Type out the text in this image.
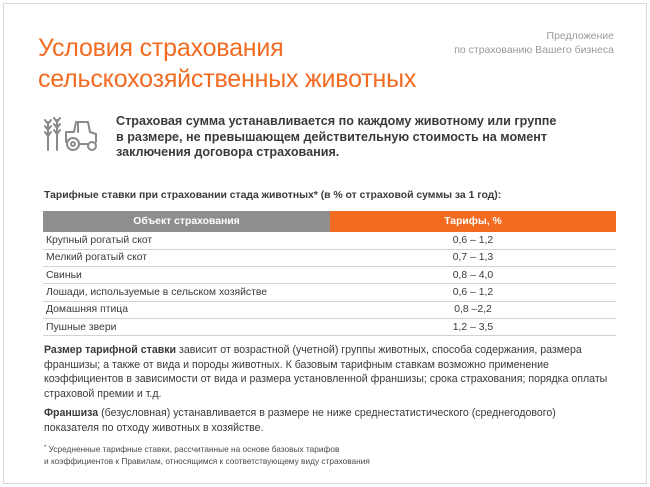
Условия страхования
сельскохозяйственных животных
Предложение
по страхованию Вашего бизнеса
Страховая сумма устанавливается по каждому животному или группе
в размере, не превышающем действительную стоимость на момент
заключения договора страхования.
Тарифные ставки при страховании стада животных* (в % от страховой суммы за 1 год):
Объект страхования	Тарифы, %
Крупный рогатый скот	0,6 – 1,2
Мелкий рогатый скот	0,7 – 1,3
Свиньи	0,8 – 4,0
Лошади, используемые в сельском хозяйстве	0,6 – 1,2
Домашняя птица	0,8 –2,2
Пушные звери	1,2 – 3,5
Размер тарифной ставки зависит от возрастной (учетной) группы животных, способа содержания, размера
франшизы; а также от вида и породы животных. К базовым тарифным ставкам возможно применение
коэффициентов в зависимости от вида и размера установленной франшизы; срока страхования; порядка оплаты
страховой премии и т.д.
Франшиза (безусловная) устанавливается в размере не ниже среднестатистического (среднегодового)
показателя по отходу животных в хозяйстве.
* Усредненные тарифные ставки, рассчитанные на основе базовых тарифов
и коэффициентов к Правилам, относящимся к соответствующему виду страхования
